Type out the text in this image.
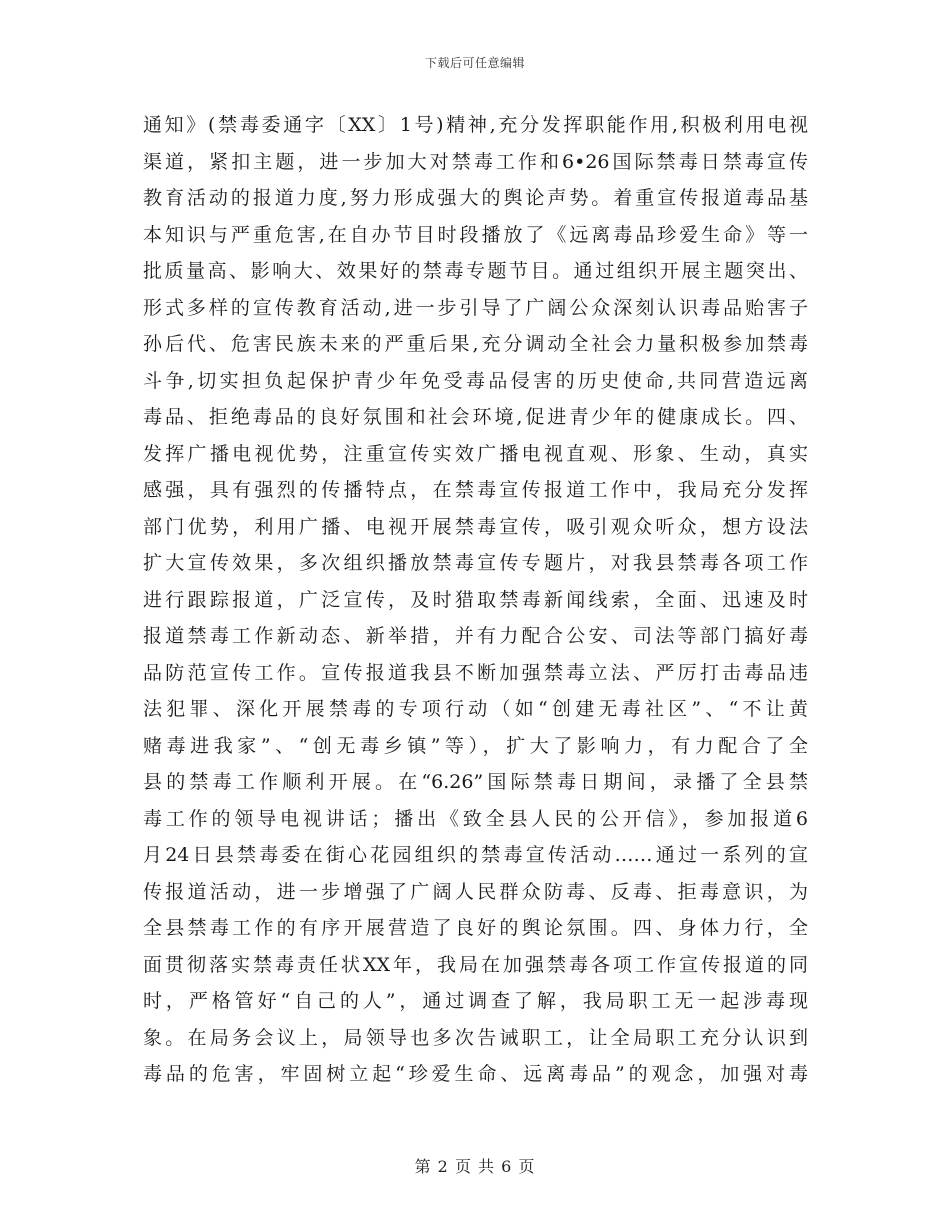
下载后可任意编辑
通知》(禁毒委通字〔XX〕1号)精神,充分发挥职能作用,积极利用电视
渠道，紧扣主题，进一步加大对禁毒工作和6•26国际禁毒日禁毒宣传
教育活动的报道力度,努力形成强大的舆论声势。着重宣传报道毒品基
本知识与严重危害,在自办节目时段播放了《远离毒品珍爱生命》等一
批质量高、影响大、效果好的禁毒专题节目。通过组织开展主题突出、
形式多样的宣传教育活动,进一步引导了广阔公众深刻认识毒品贻害子
孙后代、危害民族未来的严重后果,充分调动全社会力量积极参加禁毒
斗争,切实担负起保护青少年免受毒品侵害的历史使命,共同营造远离
毒品、拒绝毒品的良好氛围和社会环境,促进青少年的健康成长。四、
发挥广播电视优势，注重宣传实效广播电视直观、形象、生动，真实
感强，具有强烈的传播特点，在禁毒宣传报道工作中，我局充分发挥
部门优势，利用广播、电视开展禁毒宣传，吸引观众听众，想方设法
扩大宣传效果，多次组织播放禁毒宣传专题片，对我县禁毒各项工作
进行跟踪报道，广泛宣传，及时猎取禁毒新闻线索，全面、迅速及时
报道禁毒工作新动态、新举措，并有力配合公安、司法等部门搞好毒
品防范宣传工作。宣传报道我县不断加强禁毒立法、严厉打击毒品违
法犯罪、深化开展禁毒的专项行动（如“创建无毒社区”、“不让黄
赌毒进我家”、“创无毒乡镇”等），扩大了影响力，有力配合了全
县的禁毒工作顺利开展。在“6.26”国际禁毒日期间，录播了全县禁
毒工作的领导电视讲话；播出《致全县人民的公开信》，参加报道6
月24日县禁毒委在街心花园组织的禁毒宣传活动……通过一系列的宣
传报道活动，进一步增强了广阔人民群众防毒、反毒、拒毒意识，为
全县禁毒工作的有序开展营造了良好的舆论氛围。四、身体力行，全
面贯彻落实禁毒责任状XX年，我局在加强禁毒各项工作宣传报道的同
时，严格管好“自己的人”，通过调查了解，我局职工无一起涉毒现
象。在局务会议上，局领导也多次告诫职工，让全局职工充分认识到
毒品的危害，牢固树立起“珍爱生命、远离毒品”的观念，加强对毒
第 2 页 共 6 页
